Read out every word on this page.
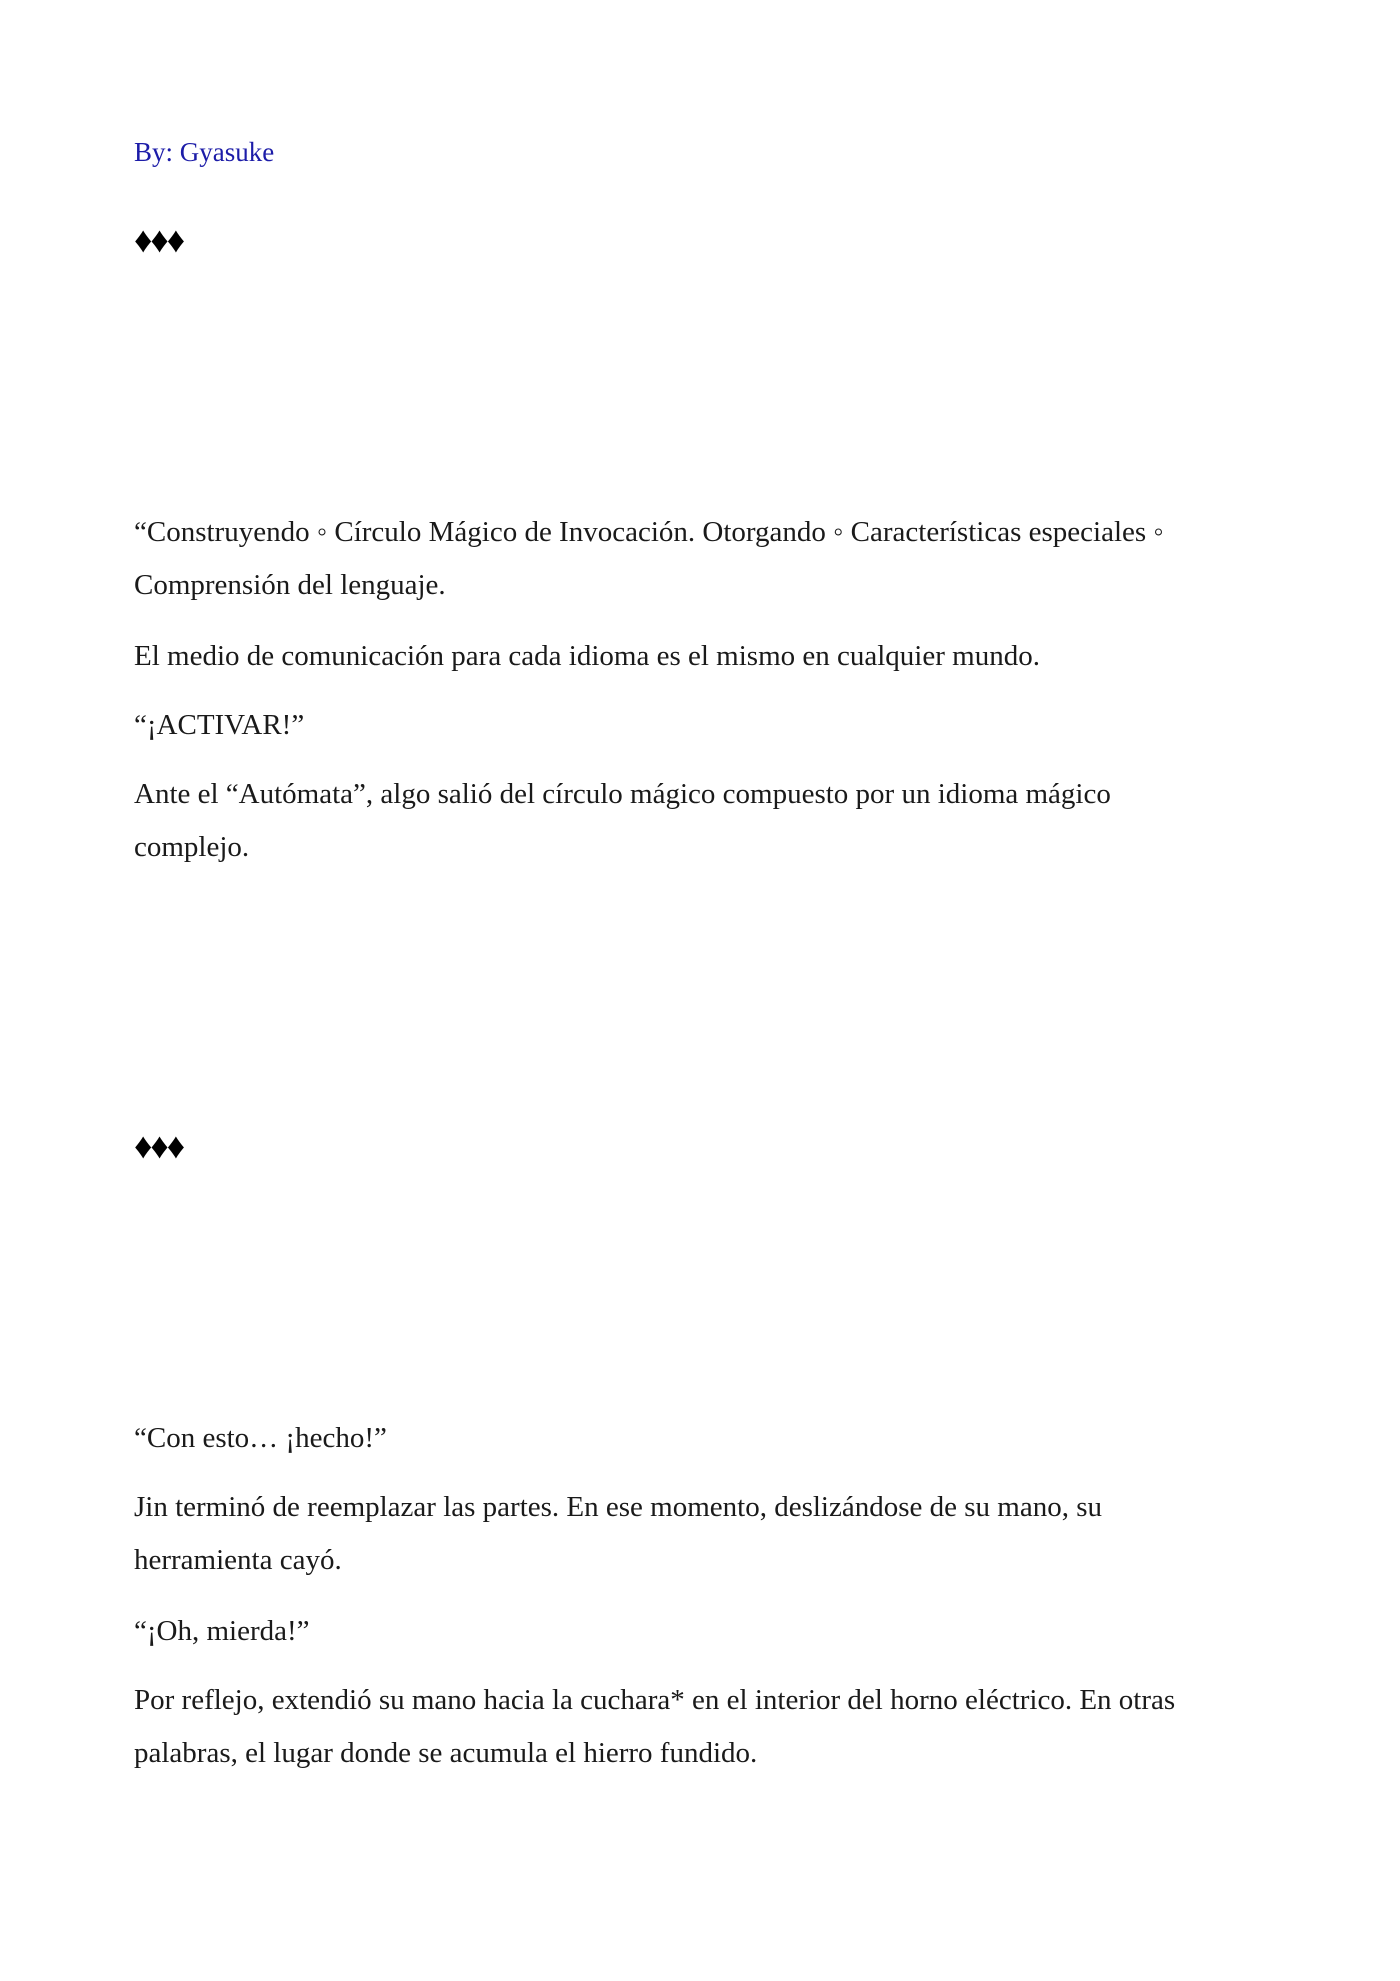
By: Gyasuke
♦♦♦

“Construyendo ◦ Círculo Mágico de Invocación. Otorgando ◦ Características especiales ◦ Comprensión del lenguaje.

El medio de comunicación para cada idioma es el mismo en cualquier mundo.

“¡ACTIVAR!”

Ante el “Autómata”, algo salió del círculo mágico compuesto por un idioma mágico complejo.

♦♦♦

“Con esto… ¡hecho!”

Jin terminó de reemplazar las partes. En ese momento, deslizándose de su mano, su herramienta cayó.

“¡Oh, mierda!”

Por reflejo, extendió su mano hacia la cuchara* en el interior del horno eléctrico. En otras palabras, el lugar donde se acumula el hierro fundido.
